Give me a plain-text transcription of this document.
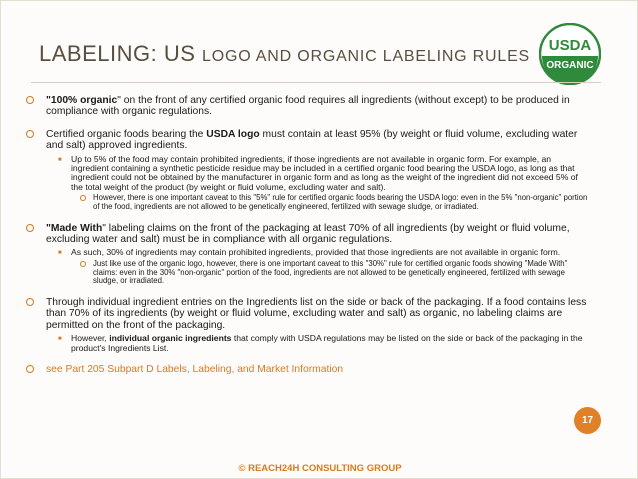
LABELING: US LOGO AND ORGANIC LABELING RULES
USDA
ORGANIC
"100% organic" on the front of any certified organic food requires all ingredients (without except) to be produced in compliance with organic regulations.
Certified organic foods bearing the USDA logo must contain at least 95% (by weight or fluid volume, excluding water and salt) approved ingredients.
■ Up to 5% of the food may contain prohibited ingredients, if those ingredients are not available in organic form. For example, an ingredient containing a synthetic pesticide residue may be included in a certified organic food bearing the USDA logo, as long as that ingredient could not be obtained by the manufacturer in organic form and as long as the weight of the ingredient did not exceed 5% of the total weight of the product (by weight or fluid volume, excluding water and salt).
However, there is one important caveat to this "5%" rule for certified organic foods bearing the USDA logo: even in the 5% "non-organic" portion of the food, ingredients are not allowed to be genetically engineered, fertilized with sewage sludge, or irradiated.
"Made With" labeling claims on the front of the packaging at least 70% of all ingredients (by weight or fluid volume, excluding water and salt) must be in compliance with all organic regulations.
■ As such, 30% of ingredients may contain prohibited ingredients, provided that those ingredients are not available in organic form.
Just like use of the organic logo, however, there is one important caveat to this "30%" rule for certified organic foods showing "Made With" claims: even in the 30% "non-organic" portion of the food, ingredients are not allowed to be genetically engineered, fertilized with sewage sludge, or irradiated.
Through individual ingredient entries on the Ingredients list on the side or back of the packaging. If a food contains less than 70% of its ingredients (by weight or fluid volume, excluding water and salt) as organic, no labeling claims are permitted on the front of the packaging.
■ However, individual organic ingredients that comply with USDA regulations may be listed on the side or back of the packaging in the product's Ingredients List.
see Part 205 Subpart D Labels, Labeling, and Market Information
17
© REACH24H CONSULTING GROUP
